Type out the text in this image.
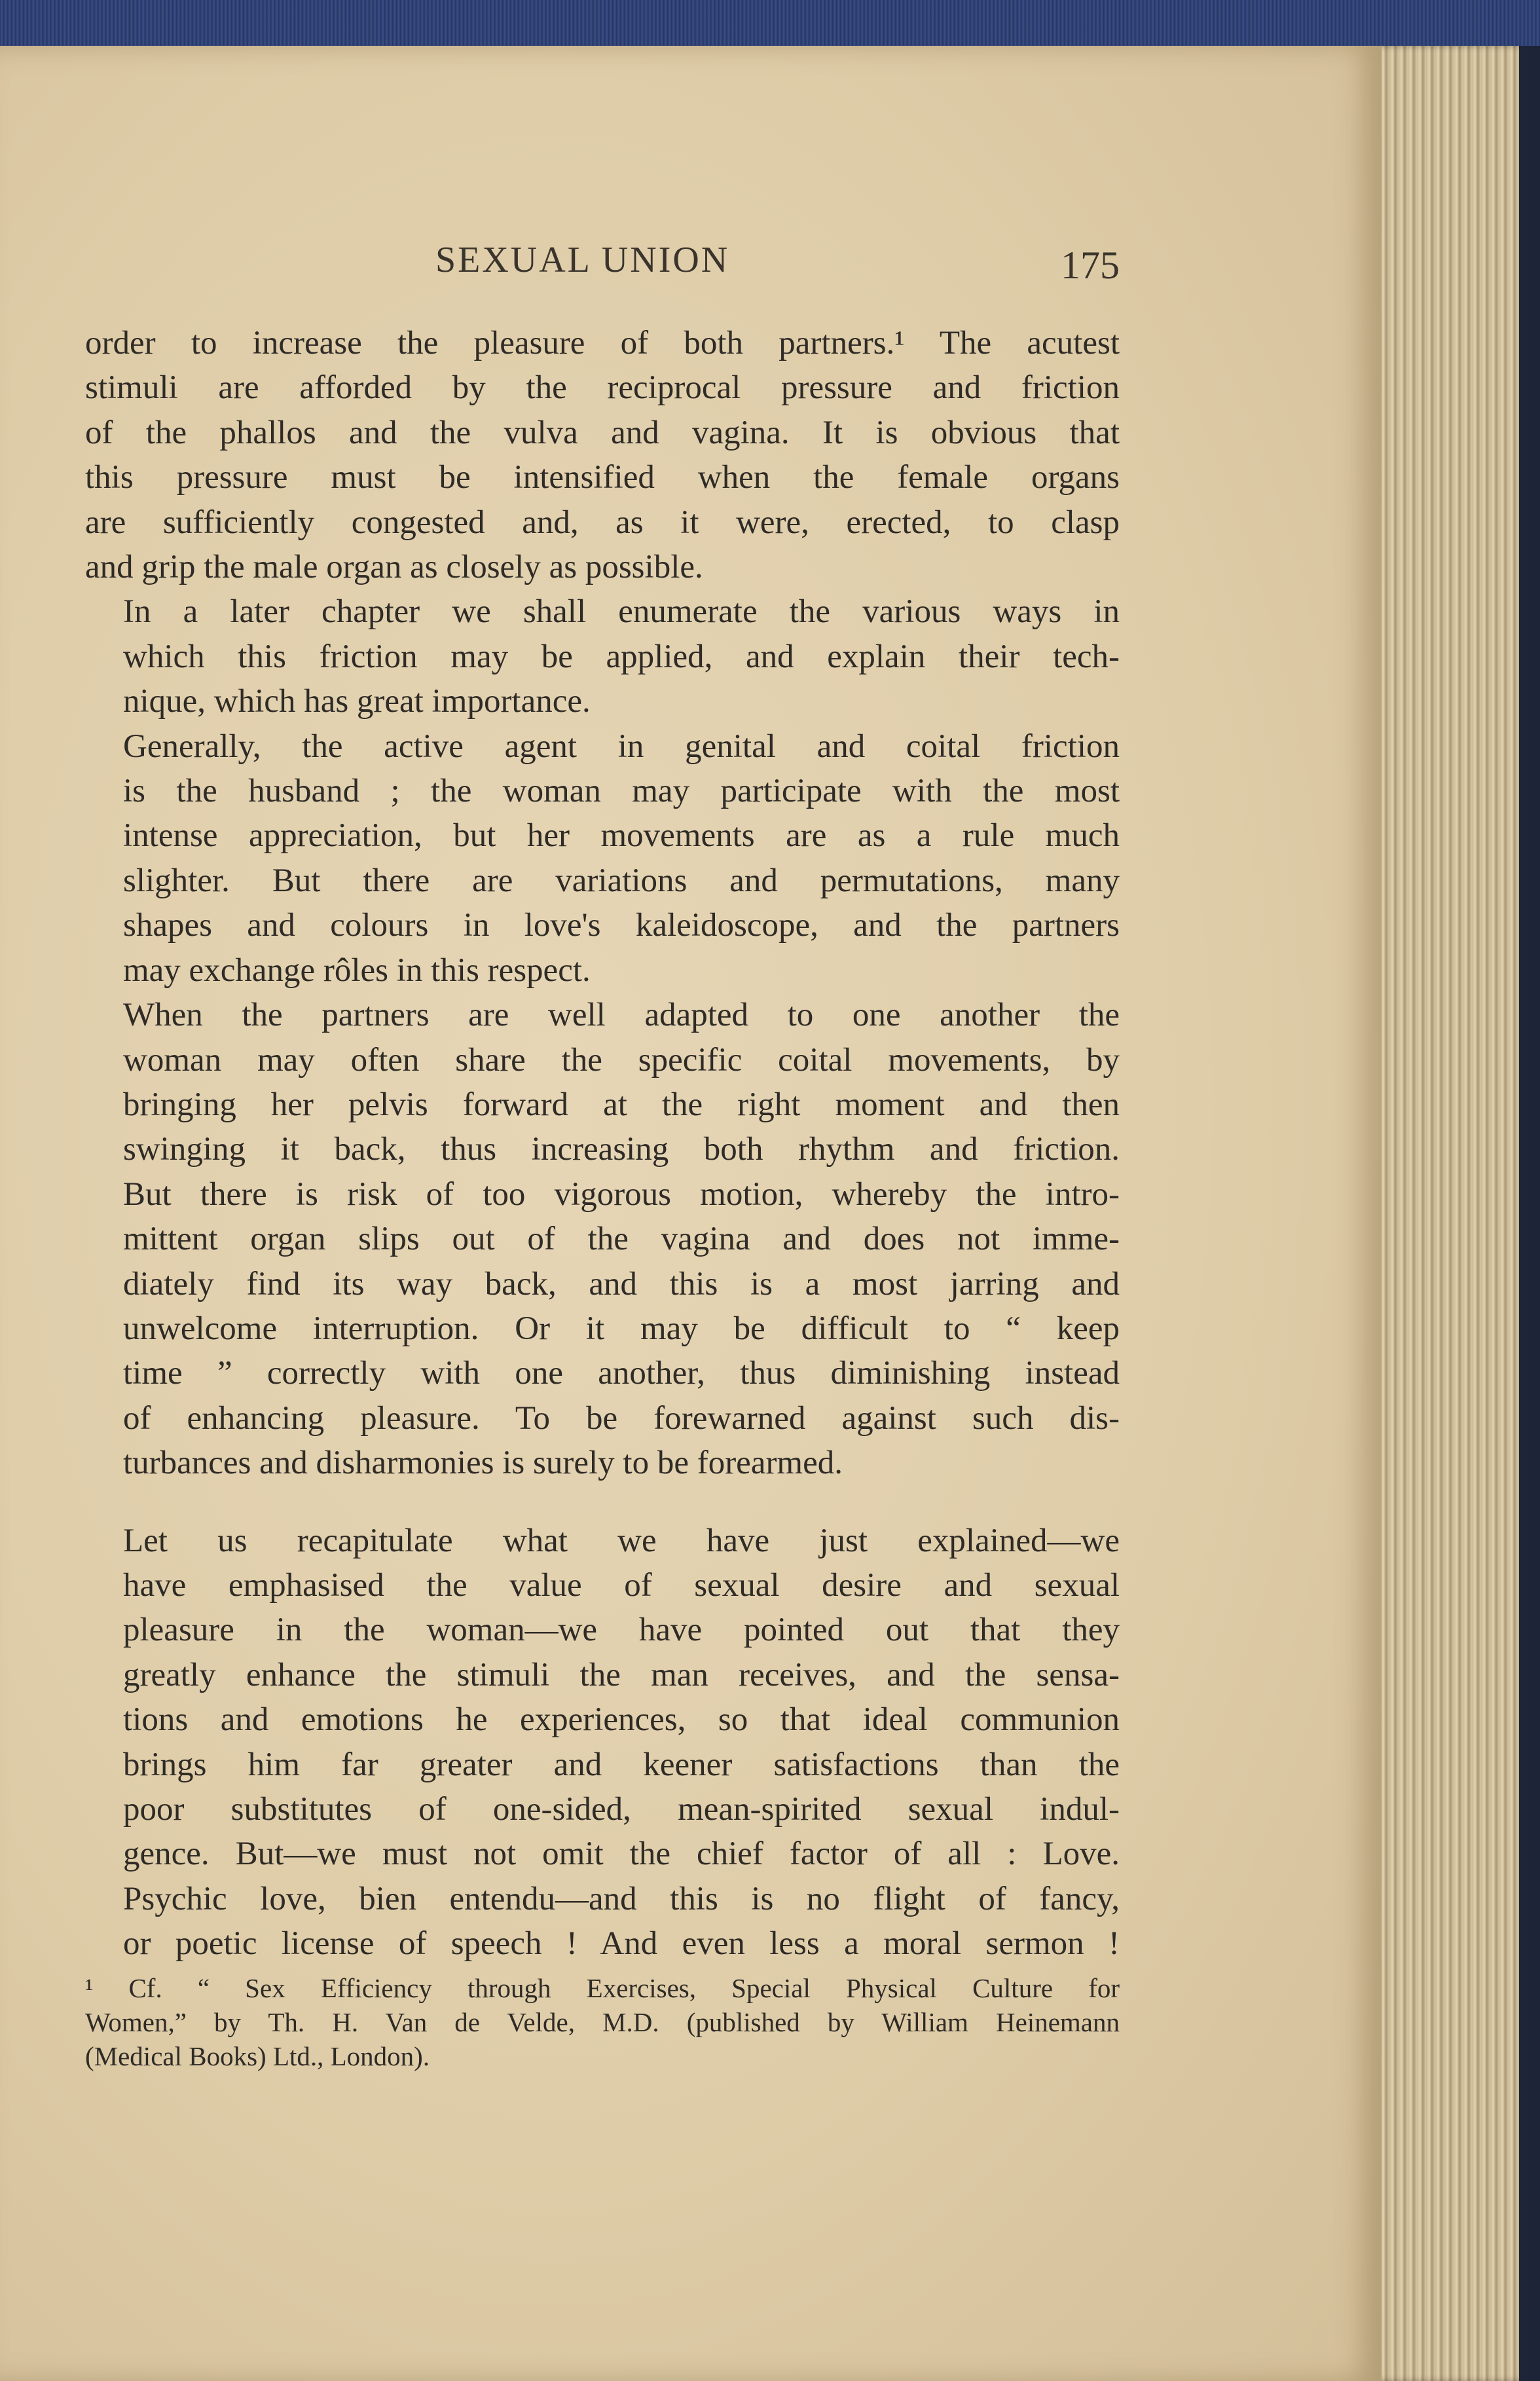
SEXUAL UNION	175

order to increase the pleasure of both partners.¹ The acutest
stimuli are afforded by the reciprocal pressure and friction
of the phallos and the vulva and vagina. It is obvious that
this pressure must be intensified when the female organs
are sufficiently congested and, as it were, erected, to clasp
and grip the male organ as closely as possible.

In a later chapter we shall enumerate the various ways in
which this friction may be applied, and explain their tech-
nique, which has great importance.

Generally, the active agent in genital and coital friction
is the husband ; the woman may participate with the most
intense appreciation, but her movements are as a rule much
slighter. But there are variations and permutations, many
shapes and colours in love's kaleidoscope, and the partners
may exchange rôles in this respect.

When the partners are well adapted to one another the
woman may often share the specific coital movements, by
bringing her pelvis forward at the right moment and then
swinging it back, thus increasing both rhythm and friction.
But there is risk of too vigorous motion, whereby the intro-
mittent organ slips out of the vagina and does not imme-
diately find its way back, and this is a most jarring and
unwelcome interruption. Or it may be difficult to “ keep
time ” correctly with one another, thus diminishing instead
of enhancing pleasure. To be forewarned against such dis-
turbances and disharmonies is surely to be forearmed.

Let us recapitulate what we have just explained—we
have emphasised the value of sexual desire and sexual
pleasure in the woman—we have pointed out that they
greatly enhance the stimuli the man receives, and the sensa-
tions and emotions he experiences, so that ideal communion
brings him far greater and keener satisfactions than the
poor substitutes of one-sided, mean-spirited sexual indul-
gence. But—we must not omit the chief factor of all : Love.

Psychic love, bien entendu—and this is no flight of fancy,
or poetic license of speech ! And even less a moral sermon !

¹ Cf. “ Sex Efficiency through Exercises, Special Physical Culture for
Women,” by Th. H. Van de Velde, M.D. (published by William Heinemann
(Medical Books) Ltd., London).
